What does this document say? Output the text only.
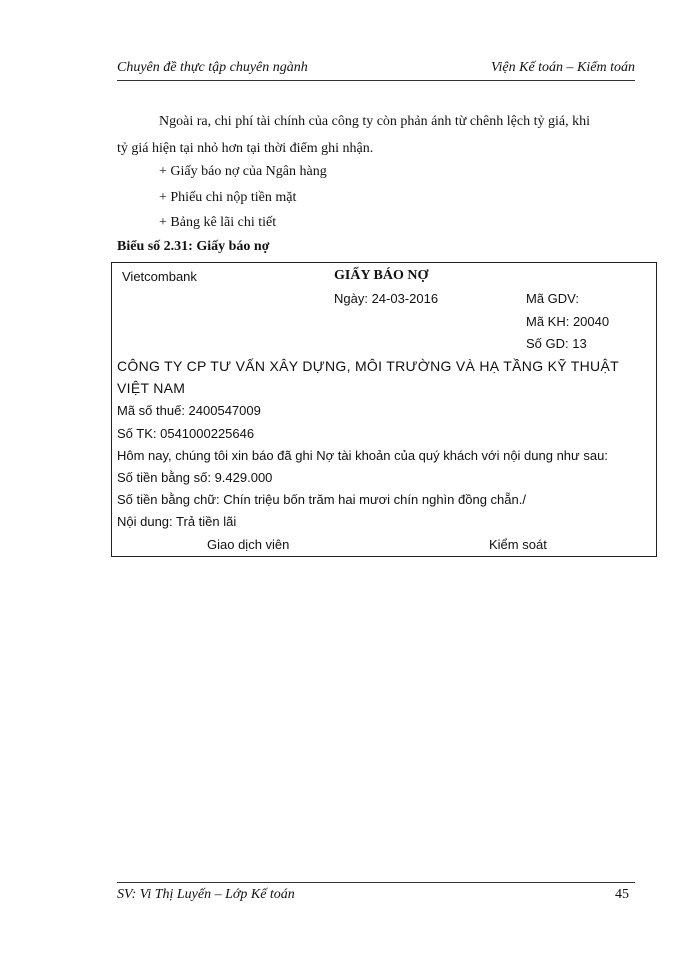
Chuyên đề thực tập chuyên ngành	Viện Kế toán – Kiểm toán
Ngoài ra, chi phí tài chính của công ty còn phản ánh từ chênh lệch tỷ giá, khi
tỷ giá hiện tại nhỏ hơn tại thời điểm ghi nhận.
+ Giấy báo nợ của Ngân hàng
+ Phiếu chi nộp tiền mặt
+ Bảng kê lãi chi tiết
Biểu số 2.31: Giấy báo nợ
Vietcombank	GIẤY BÁO NỢ
Ngày: 24-03-2016	Mã GDV:
Mã KH: 20040
Số GD: 13
CÔNG TY CP TƯ VẤN XÂY DỰNG, MÔI TRƯỜNG VÀ HẠ TẦNG KỸ THUẬT
VIỆT NAM
Mã số thuế: 2400547009
Số TK: 0541000225646
Hôm nay, chúng tôi xin báo đã ghi Nợ tài khoản của quý khách với nội dung như sau:
Số tiền bằng số: 9.429.000
Số tiền bằng chữ: Chín triệu bốn trăm hai mươi chín nghìn đồng chẵn./
Nội dung: Trả tiền lãi
Giao dịch viên	Kiểm soát
SV: Vi Thị Luyến – Lớp Kế toán	45
